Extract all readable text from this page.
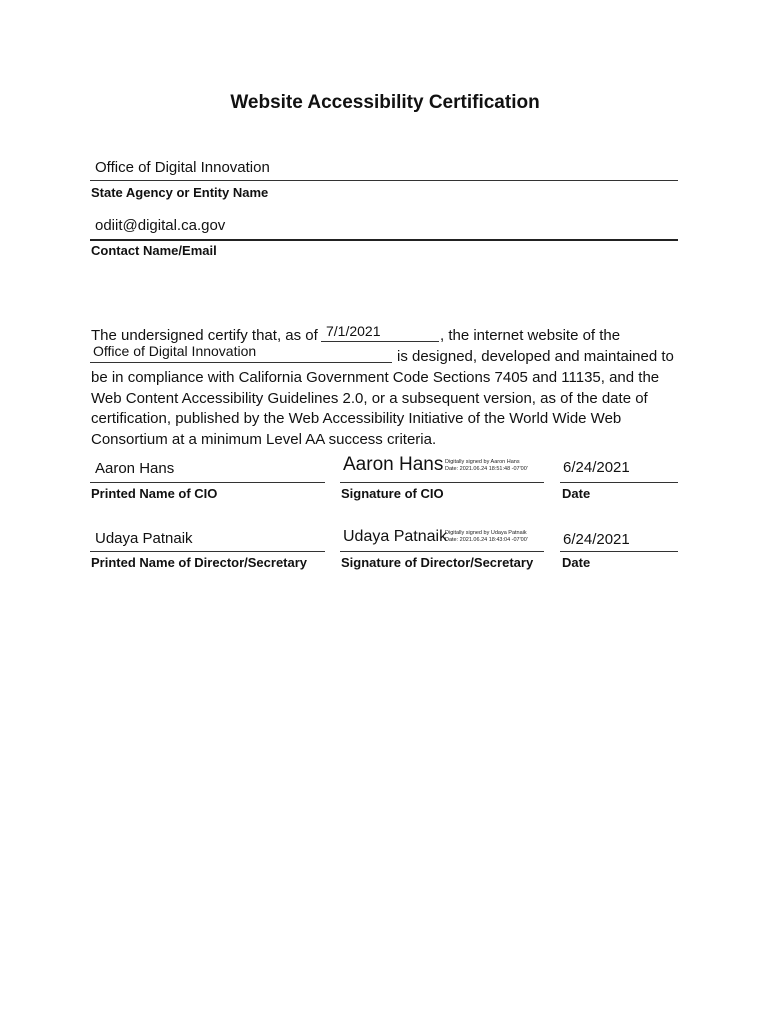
Website Accessibility Certification
Office of Digital Innovation
State Agency or Entity Name
odiit@digital.ca.gov
Contact Name/Email
The undersigned certify that, as of 7/1/2021	, the internet website of the
Office of Digital Innovation	is designed, developed and maintained to
be in compliance with California Government Code Sections 7405 and 11135, and the
Web Content Accessibility Guidelines 2.0, or a subsequent version, as of the date of
certification, published by the Web Accessibility Initiative of the World Wide Web
Consortium at a minimum Level AA success criteria.
Aaron Hans
Printed Name of CIO
Aaron Hans Digitally signed by Aaron Hans
Date: 2021.06.24 18:51:48 -07'00'
Signature of CIO
6/24/2021
Date
Udaya Patnaik
Printed Name of Director/Secretary
Udaya Patnaik
Digitally signed by Udaya Patnaik
Date: 2021.06.24 18:43:04 -07'00'
Signature of Director/Secretary
6/24/2021
Date
